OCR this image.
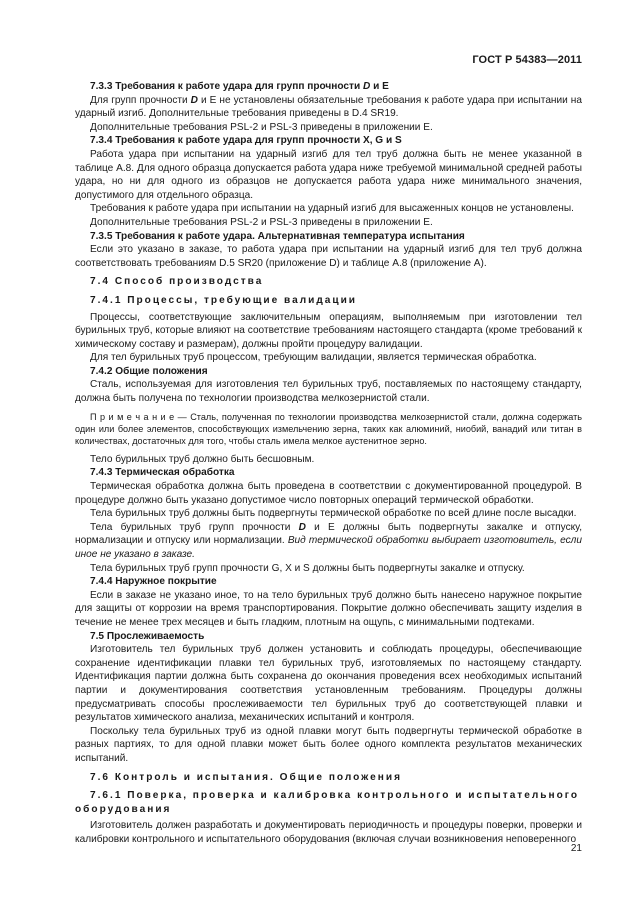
ГОСТ Р 54383—2011
7.3.3 Требования к работе удара для групп прочности D и E

Для групп прочности D и E не установлены обязательные требования к работе удара при испытании на ударный изгиб. Дополнительные требования приведены в D.4 SR19.

Дополнительные требования PSL-2 и PSL-3 приведены в приложении E.

7.3.4 Требования к работе удара для групп прочности X, G и S

Работа удара при испытании на ударный изгиб для тел труб должна быть не менее указанной в таблице A.8. Для одного образца допускается работа удара ниже требуемой минимальной средней работы удара, но ни для одного из образцов не допускается работа удара ниже минимального значения, допустимого для отдельного образца.

Требования к работе удара при испытании на ударный изгиб для высаженных концов не установлены.

Дополнительные требования PSL-2 и PSL-3 приведены в приложении E.

7.3.5 Требования к работе удара. Альтернативная температура испытания

Если это указано в заказе, то работа удара при испытании на ударный изгиб для тел труб должна соответствовать требованиям D.5 SR20 (приложение D) и таблице A.8 (приложение А).

7.4 Способ производства
7.4.1 Процессы, требующие валидации

Процессы, соответствующие заключительным операциям, выполняемым при изготовлении тел бурильных труб, которые влияют на соответствие требованиям настоящего стандарта (кроме требований к химическому составу и размерам), должны пройти процедуру валидации.

Для тел бурильных труб процессом, требующим валидации, является термическая обработка.

7.4.2 Общие положения

Сталь, используемая для изготовления тел бурильных труб, поставляемых по настоящему стандарту, должна быть получена по технологии производства мелкозернистой стали.

П р и м е ч а н и е — Сталь, полученная по технологии производства мелкозернистой стали, должна содержать один или более элементов, способствующих измельчению зерна, таких как алюминий, ниобий, ванадий или титан в количествах, достаточных для того, чтобы сталь имела мелкое аустенитное зерно.

Тело бурильных труб должно быть бесшовным.

7.4.3 Термическая обработка

Термическая обработка должна быть проведена в соответствии с документированной процедурой. В процедуре должно быть указано допустимое число повторных операций термической обработки.

Тела бурильных труб должны быть подвергнуты термической обработке по всей длине после высадки.

Тела бурильных труб групп прочности D и E должны быть подвергнуты закалке и отпуску, нормализации и отпуску или нормализации. Вид термической обработки выбирает изготовитель, если иное не указано в заказе.

Тела бурильных труб групп прочности G, X и S должны быть подвергнуты закалке и отпуску.

7.4.4 Наружное покрытие

Если в заказе не указано иное, то на тело бурильных труб должно быть нанесено наружное покрытие для защиты от коррозии на время транспортирования. Покрытие должно обеспечивать защиту изделия в течение не менее трех месяцев и быть гладким, плотным на ощупь, с минимальными подтеками.

7.5 Прослеживаемость

Изготовитель тел бурильных труб должен установить и соблюдать процедуры, обеспечивающие сохранение идентификации плавки тел бурильных труб, изготовляемых по настоящему стандарту. Идентификация партии должна быть сохранена до окончания проведения всех необходимых испытаний партии и документирования соответствия установленным требованиям. Процедуры должны предусматривать способы прослеживаемости тел бурильных труб до соответствующей плавки и результатов химического анализа, механических испытаний и контроля.

Поскольку тела бурильных труб из одной плавки могут быть подвергнуты термической обработке в разных партиях, то для одной плавки может быть более одного комплекта результатов механических испытаний.

7.6 Контроль и испытания. Общие положения
7.6.1 Поверка, проверка и калибровка контрольного и испытательного оборудования

Изготовитель должен разработать и документировать периодичность и процедуры поверки, проверки и калибровки контрольного и испытательного оборудования (включая случаи возникновения неповеренного

21
